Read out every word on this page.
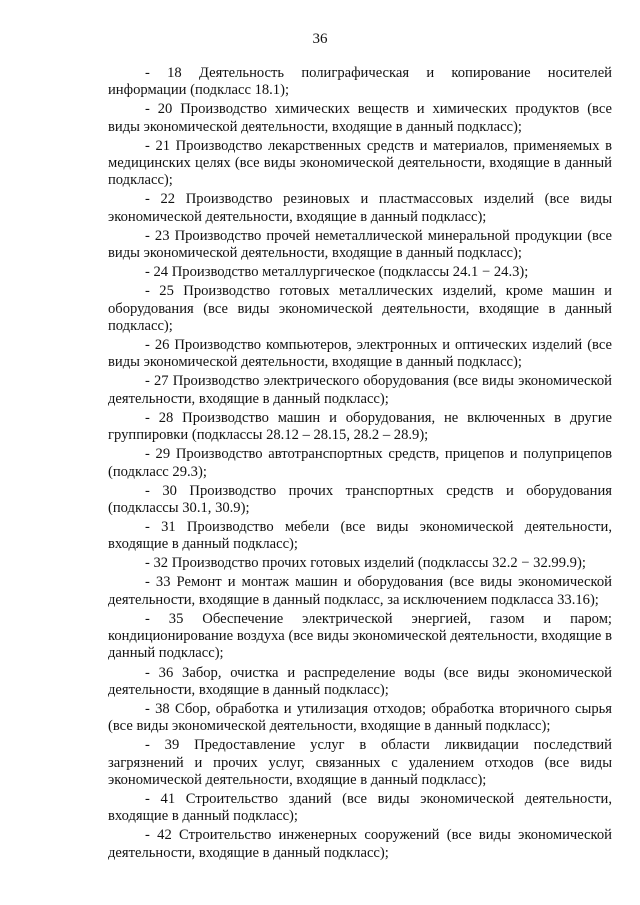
36

- 18 Деятельность полиграфическая и копирование носителей информации (подкласс 18.1);

- 20 Производство химических веществ и химических продуктов (все виды экономической деятельности, входящие в данный подкласс);

- 21 Производство лекарственных средств и материалов, применяемых в медицинских целях (все виды экономической деятельности, входящие в данный подкласс);

- 22 Производство резиновых и пластмассовых изделий (все виды экономической деятельности, входящие в данный подкласс);

- 23 Производство прочей неметаллической минеральной продукции (все виды экономической деятельности, входящие в данный подкласс);

- 24 Производство металлургическое (подклассы 24.1 − 24.3);

- 25 Производство готовых металлических изделий, кроме машин и оборудования (все виды экономической деятельности, входящие в данный подкласс);

- 26 Производство компьютеров, электронных и оптических изделий (все виды экономической деятельности, входящие в данный подкласс);

- 27 Производство электрического оборудования (все виды экономической деятельности, входящие в данный подкласс);

- 28 Производство машин и оборудования, не включенных в другие группировки (подклассы 28.12 – 28.15, 28.2 – 28.9);

- 29 Производство автотранспортных средств, прицепов и полуприцепов (подкласс 29.3);

- 30 Производство прочих транспортных средств и оборудования (подклассы 30.1, 30.9);

- 31 Производство мебели (все виды экономической деятельности, входящие в данный подкласс);

- 32 Производство прочих готовых изделий (подклассы 32.2 − 32.99.9);

- 33 Ремонт и монтаж машин и оборудования (все виды экономической деятельности, входящие в данный подкласс, за исключением подкласса 33.16);

- 35 Обеспечение электрической энергией, газом и паром; кондиционирование воздуха (все виды экономической деятельности, входящие в данный подкласс);

- 36 Забор, очистка и распределение воды (все виды экономической деятельности, входящие в данный подкласс);

- 38 Сбор, обработка и утилизация отходов; обработка вторичного сырья (все виды экономической деятельности, входящие в данный подкласс);

- 39 Предоставление услуг в области ликвидации последствий загрязнений и прочих услуг, связанных с удалением отходов (все виды экономической деятельности, входящие в данный подкласс);

- 41 Строительство зданий (все виды экономической деятельности, входящие в данный подкласс);

- 42 Строительство инженерных сооружений (все виды экономической деятельности, входящие в данный подкласс);
